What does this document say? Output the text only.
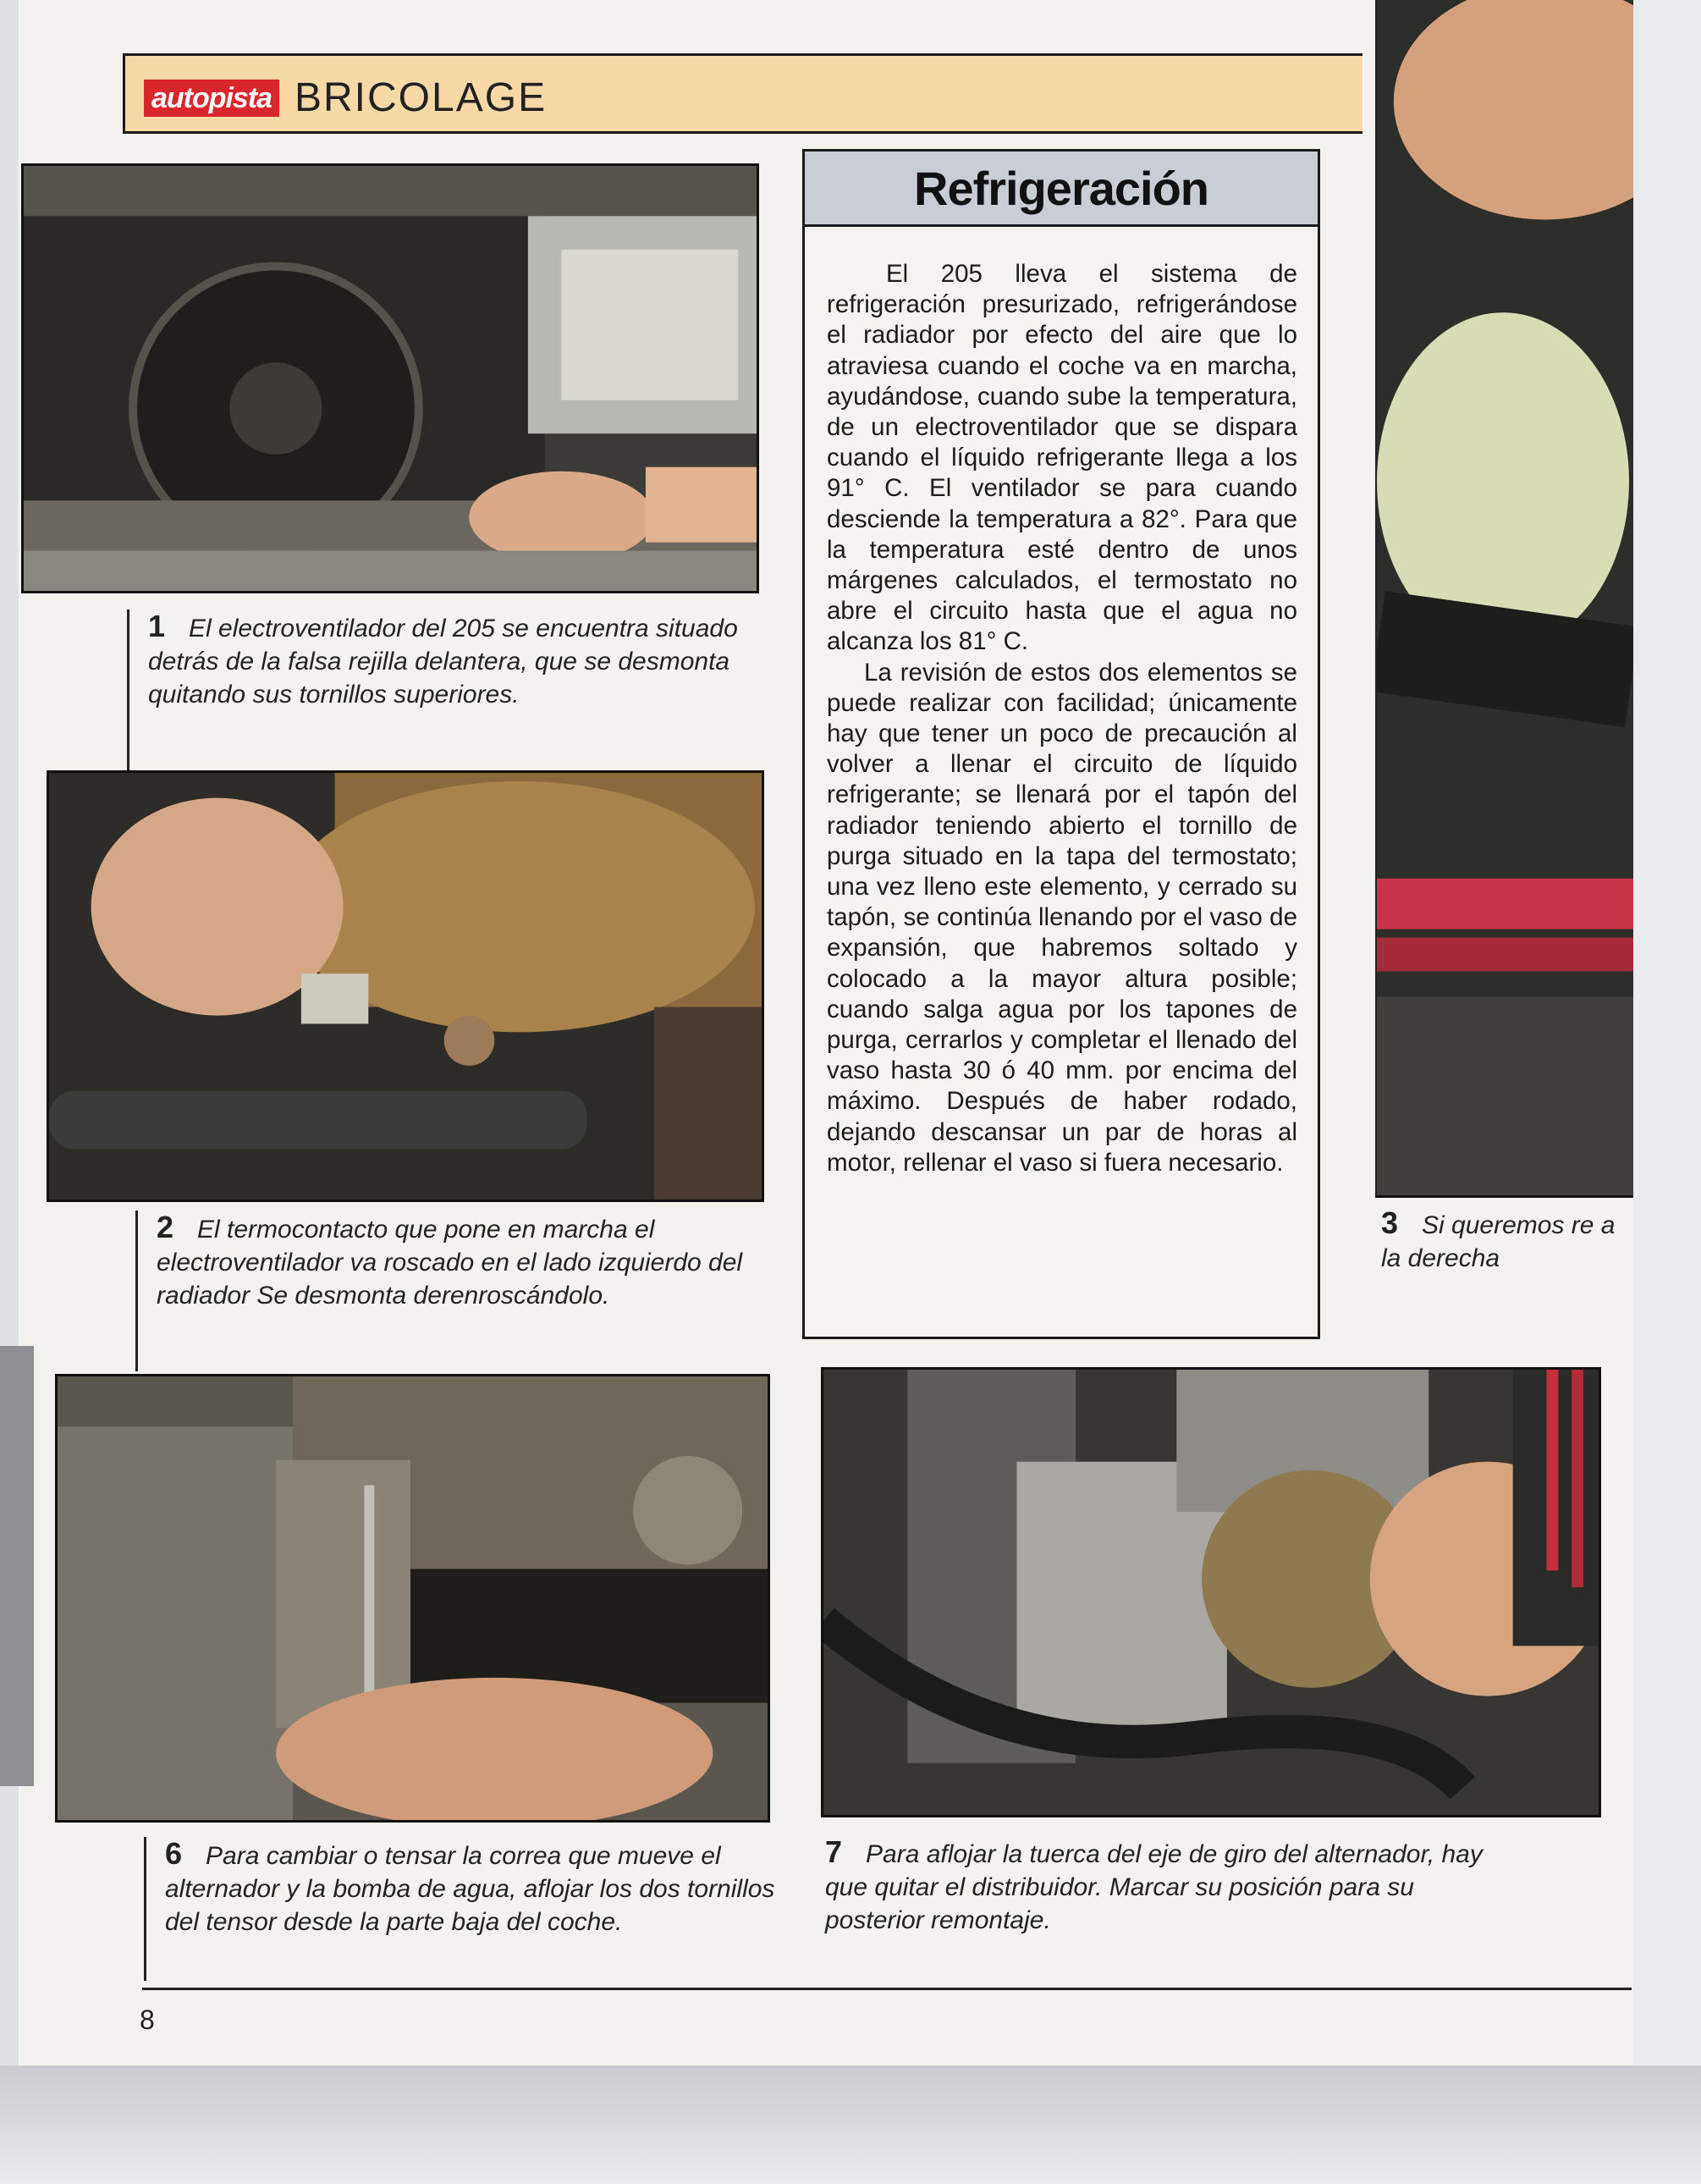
autopista BRICOLAGE
1 El electroventilador del 205 se encuentra situado detrás de la falsa rejilla delantera, que se desmonta quitando sus tornillos superiores.
2 El termocontacto que pone en marcha el electroventilador va roscado en el lado izquierdo del radiador Se desmonta derenroscándolo.
3 Si queremos re a la derecha
Refrigeración

El 205 lleva el sistema de refrigeración presurizado, refrigerándose el radiador por efecto del aire que lo atraviesa cuando el coche va en marcha, ayudándose, cuando sube la temperatura, de un electroventilador que se dispara cuando el líquido refrigerante llega a los 91° C. El ventilador se para cuando desciende la temperatura a 82°. Para que la temperatura esté dentro de unos márgenes calculados, el termostato no abre el circuito hasta que el agua no alcanza los 81° C.

La revisión de estos dos elementos se puede realizar con facilidad; únicamente hay que tener un poco de precaución al volver a llenar el circuito de líquido refrigerante; se llenará por el tapón del radiador teniendo abierto el tornillo de purga situado en la tapa del termostato; una vez lleno este elemento, y cerrado su tapón, se continúa llenando por el vaso de expansión, que habremos soltado y colocado a la mayor altura posible; cuando salga agua por los tapones de purga, cerrarlos y completar el llenado del vaso hasta 30 ó 40 mm. por encima del máximo. Después de haber rodado, dejando descansar un par de horas al motor, rellenar el vaso si fuera necesario.

6 Para cambiar o tensar la correa que mueve el alternador y la bomba de agua, aflojar los dos tornillos del tensor desde la parte baja del coche.
7 Para aflojar la tuerca del eje de giro del alternador, hay que quitar el distribuidor. Marcar su posición para su posterior remontaje.
8
